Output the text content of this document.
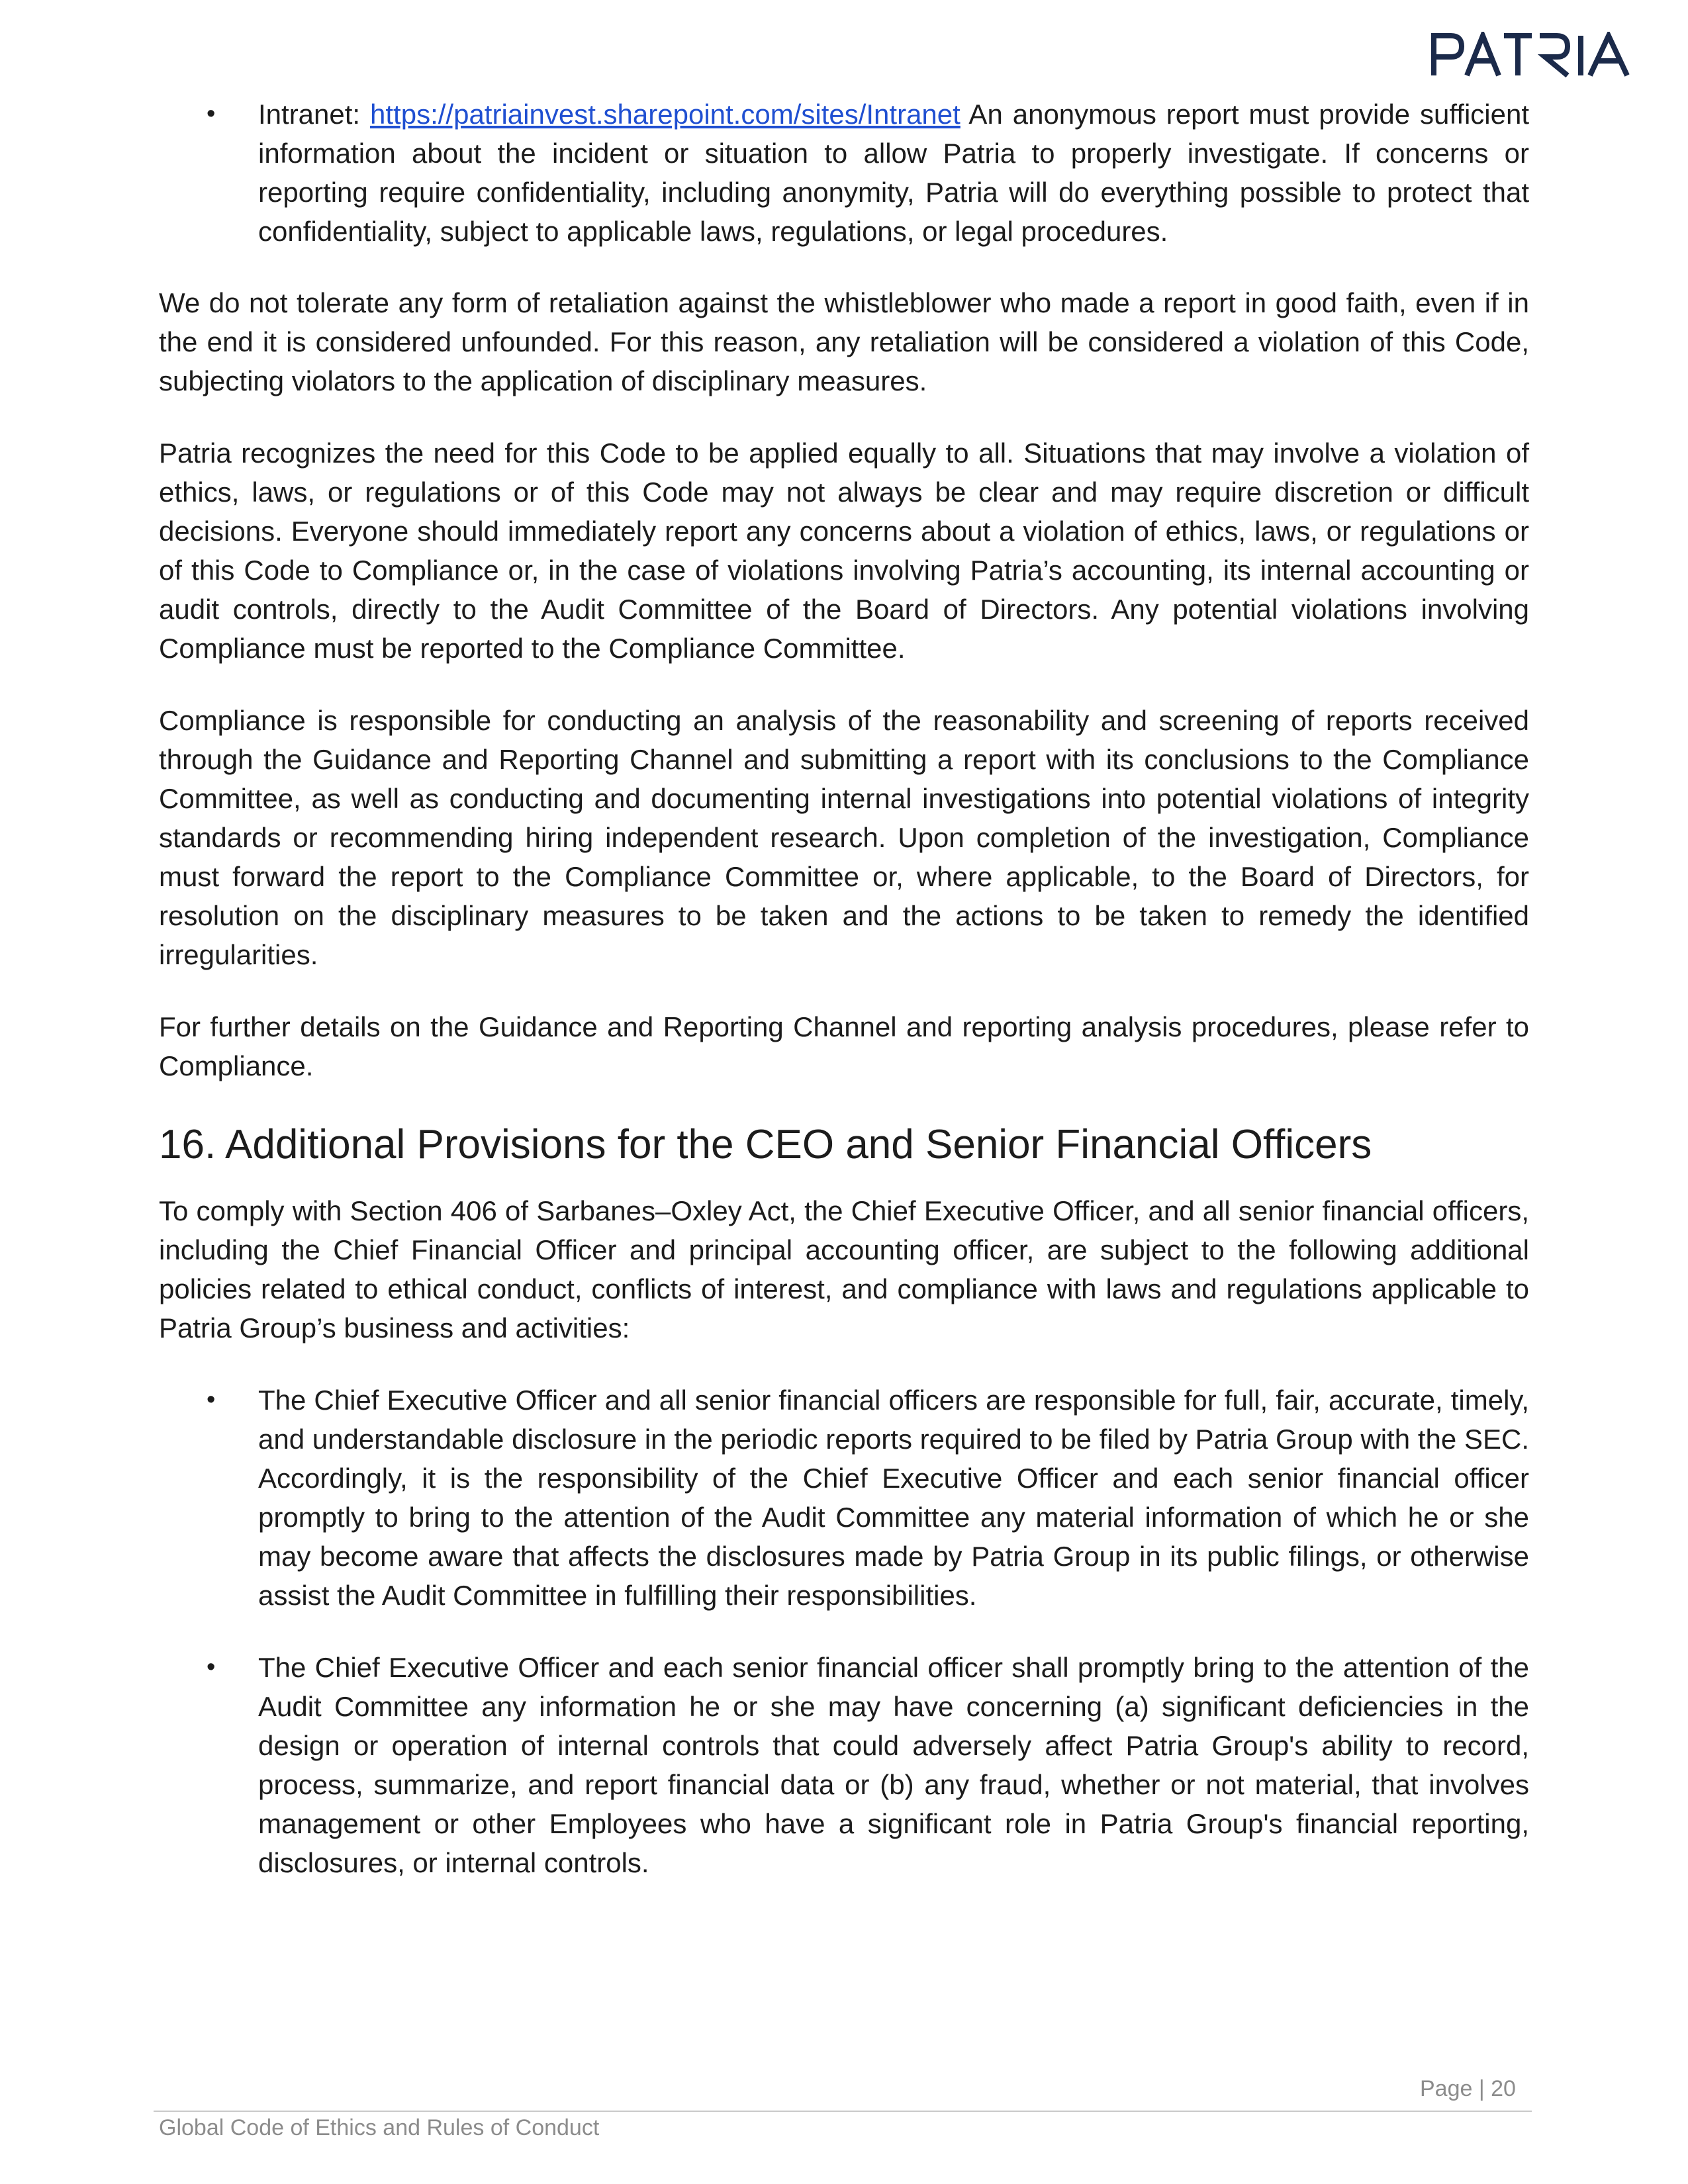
• Intranet: https://patriainvest.sharepoint.com/sites/Intranet An anonymous report must provide sufficient information about the incident or situation to allow Patria to properly investigate. If concerns or reporting require confidentiality, including anonymity, Patria will do everything possible to protect that confidentiality, subject to applicable laws, regulations, or legal procedures.

We do not tolerate any form of retaliation against the whistleblower who made a report in good faith, even if in the end it is considered unfounded. For this reason, any retaliation will be considered a violation of this Code, subjecting violators to the application of disciplinary measures.

Patria recognizes the need for this Code to be applied equally to all. Situations that may involve a violation of ethics, laws, or regulations or of this Code may not always be clear and may require discretion or difficult decisions. Everyone should immediately report any concerns about a violation of ethics, laws, or regulations or of this Code to Compliance or, in the case of violations involving Patria’s accounting, its internal accounting or audit controls, directly to the Audit Committee of the Board of Directors. Any potential violations involving Compliance must be reported to the Compliance Committee.

Compliance is responsible for conducting an analysis of the reasonability and screening of reports received through the Guidance and Reporting Channel and submitting a report with its conclusions to the Compliance Committee, as well as conducting and documenting internal investigations into potential violations of integrity standards or recommending hiring independent research. Upon completion of the investigation, Compliance must forward the report to the Compliance Committee or, where applicable, to the Board of Directors, for resolution on the disciplinary measures to be taken and the actions to be taken to remedy the identified irregularities.

For further details on the Guidance and Reporting Channel and reporting analysis procedures, please refer to Compliance.

16. Additional Provisions for the CEO and Senior Financial Officers

To comply with Section 406 of Sarbanes–Oxley Act, the Chief Executive Officer, and all senior financial officers, including the Chief Financial Officer and principal accounting officer, are subject to the following additional policies related to ethical conduct, conflicts of interest, and compliance with laws and regulations applicable to Patria Group’s business and activities:

• The Chief Executive Officer and all senior financial officers are responsible for full, fair, accurate, timely, and understandable disclosure in the periodic reports required to be filed by Patria Group with the SEC. Accordingly, it is the responsibility of the Chief Executive Officer and each senior financial officer promptly to bring to the attention of the Audit Committee any material information of which he or she may become aware that affects the disclosures made by Patria Group in its public filings, or otherwise assist the Audit Committee in fulfilling their responsibilities.
• The Chief Executive Officer and each senior financial officer shall promptly bring to the attention of the Audit Committee any information he or she may have concerning (a) significant deficiencies in the design or operation of internal controls that could adversely affect Patria Group's ability to record, process, summarize, and report financial data or (b) any fraud, whether or not material, that involves management or other Employees who have a significant role in Patria Group's financial reporting, disclosures, or internal controls.
Page | 20
Global Code of Ethics and Rules of Conduct
